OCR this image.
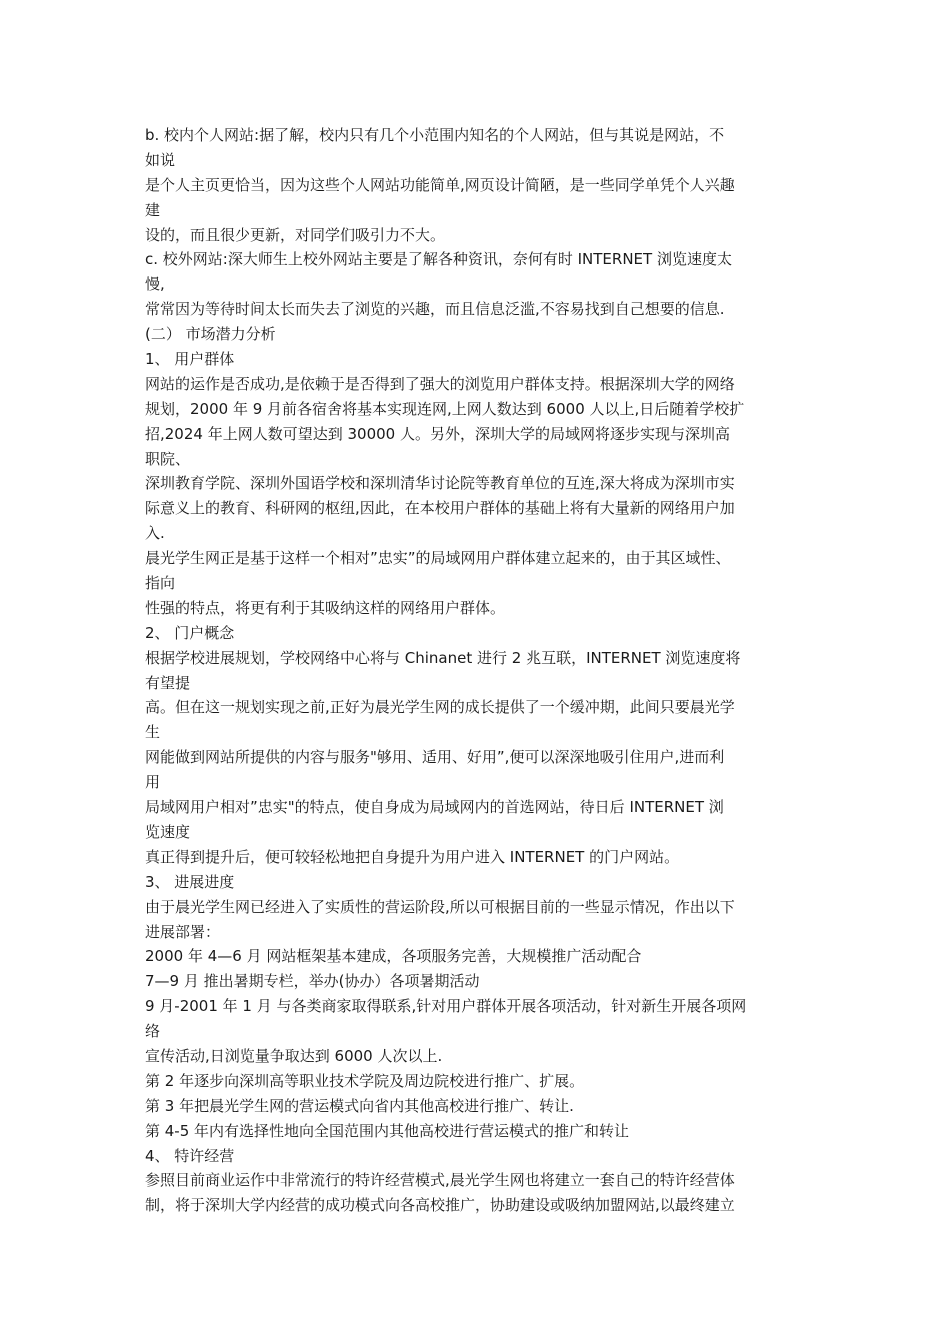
b. 校内个人网站:据了解，校内只有几个小范围内知名的个人网站，但与其说是网站，不
如说
是个人主页更恰当，因为这些个人网站功能简单,网页设计简陋，是一些同学单凭个人兴趣
建
设的，而且很少更新，对同学们吸引力不大。
c. 校外网站:深大师生上校外网站主要是了解各种资讯，奈何有时 INTERNET 浏览速度太
慢,
常常因为等待时间太长而失去了浏览的兴趣，而且信息泛滥,不容易找到自己想要的信息.
(二） 市场潜力分析
1、 用户群体
网站的运作是否成功,是依赖于是否得到了强大的浏览用户群体支持。根据深圳大学的网络
规划，2000 年 9 月前各宿舍将基本实现连网,上网人数达到 6000 人以上,日后随着学校扩
招,2024 年上网人数可望达到 30000 人。另外，深圳大学的局域网将逐步实现与深圳高
职院、
深圳教育学院、深圳外国语学校和深圳清华讨论院等教育单位的互连,深大将成为深圳市实
际意义上的教育、科研网的枢纽,因此，在本校用户群体的基础上将有大量新的网络用户加
入.
晨光学生网正是基于这样一个相对”忠实”的局域网用户群体建立起来的，由于其区域性、
指向
性强的特点，将更有利于其吸纳这样的网络用户群体。
2、 门户概念
根据学校进展规划，学校网络中心将与 Chinanet 进行 2 兆互联，INTERNET 浏览速度将
有望提
高。但在这一规划实现之前,正好为晨光学生网的成长提供了一个缓冲期，此间只要晨光学
生
网能做到网站所提供的内容与服务"够用、适用、好用”,便可以深深地吸引住用户,进而利
用
局域网用户相对”忠实"的特点，使自身成为局域网内的首选网站，待日后 INTERNET 浏
览速度
真正得到提升后，便可较轻松地把自身提升为用户进入 INTERNET 的门户网站。
3、 进展进度
由于晨光学生网已经进入了实质性的营运阶段,所以可根据目前的一些显示情况，作出以下
进展部署：
2000 年 4—6 月 网站框架基本建成，各项服务完善，大规模推广活动配合
7—9 月 推出暑期专栏，举办(协办）各项暑期活动
9 月-2001 年 1 月 与各类商家取得联系,针对用户群体开展各项活动，针对新生开展各项网
络
宣传活动,日浏览量争取达到 6000 人次以上.
第 2 年逐步向深圳高等职业技术学院及周边院校进行推广、扩展。
第 3 年把晨光学生网的营运模式向省内其他高校进行推广、转让.
第 4-5 年内有选择性地向全国范围内其他高校进行营运模式的推广和转让
4、 特许经营
参照目前商业运作中非常流行的特许经营模式,晨光学生网也将建立一套自己的特许经营体
制，将于深圳大学内经营的成功模式向各高校推广，协助建设或吸纳加盟网站,以最终建立
